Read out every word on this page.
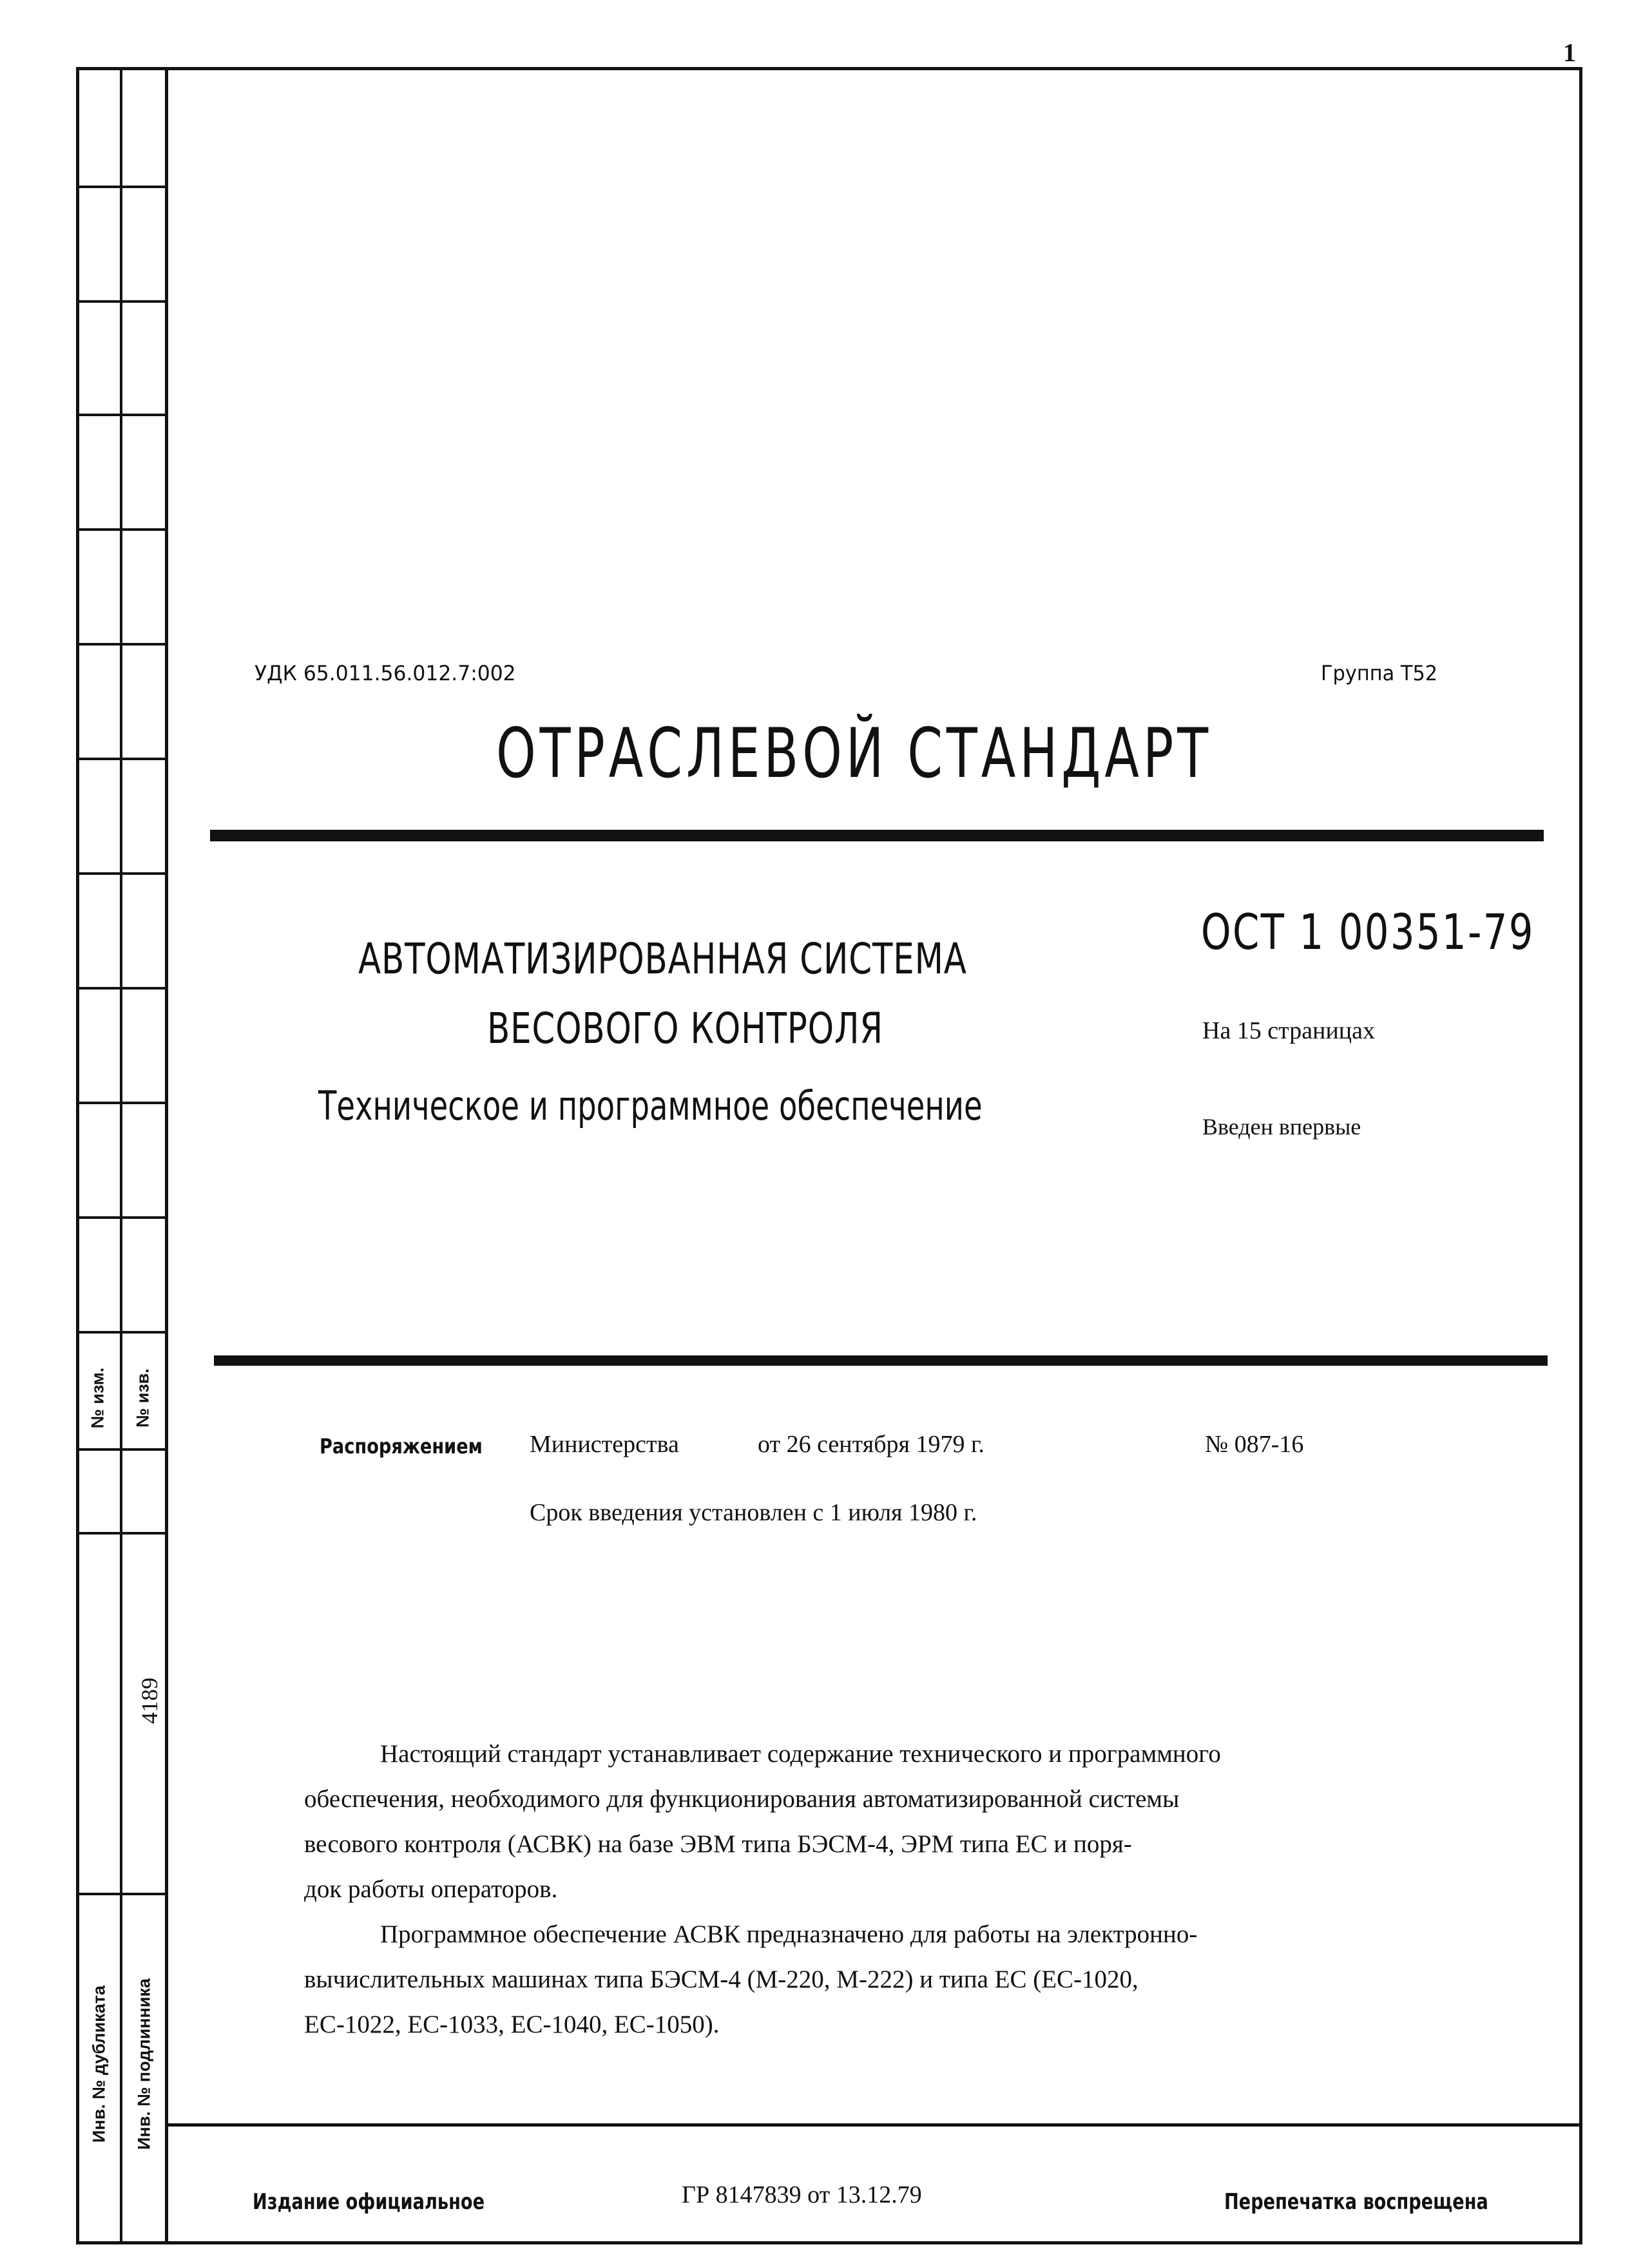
1
№ изм. № изв.
4189
Инв. № дубликата Инв. № подлинника
УДК 65.011.56.012.7:002	Группа Т52
ОТРАСЛЕВОЙ СТАНДАРТ
АВТОМАТИЗИРОВАННАЯ СИСТЕМА
ВЕСОВОГО КОНТРОЛЯ
Техническое и программное обеспечение
ОСТ 1 00351-79
На 15 страницах
Введен впервые
Распоряжением Министерства	от 26 сентября 1979 г.	№ 087-16
Срок введения установлен с 1 июля 1980 г.

Настоящий стандарт устанавливает содержание технического и программного

обеспечения, необходимого для функционирования автоматизированной системы

весового контроля (АСВК) на базе ЭВМ типа БЭСМ-4, ЭРМ типа ЕС и поря-

док работы операторов.

Программное обеспечение АСВК предназначено для работы на электронно-

вычислительных машинах типа БЭСМ-4 (М-220, М-222) и типа ЕС (ЕС-1020,

ЕС-1022, ЕС-1033, ЕС-1040, ЕС-1050).

Издание официальное	ГР 8147839 от 13.12.79	Перепечатка воспрещена
